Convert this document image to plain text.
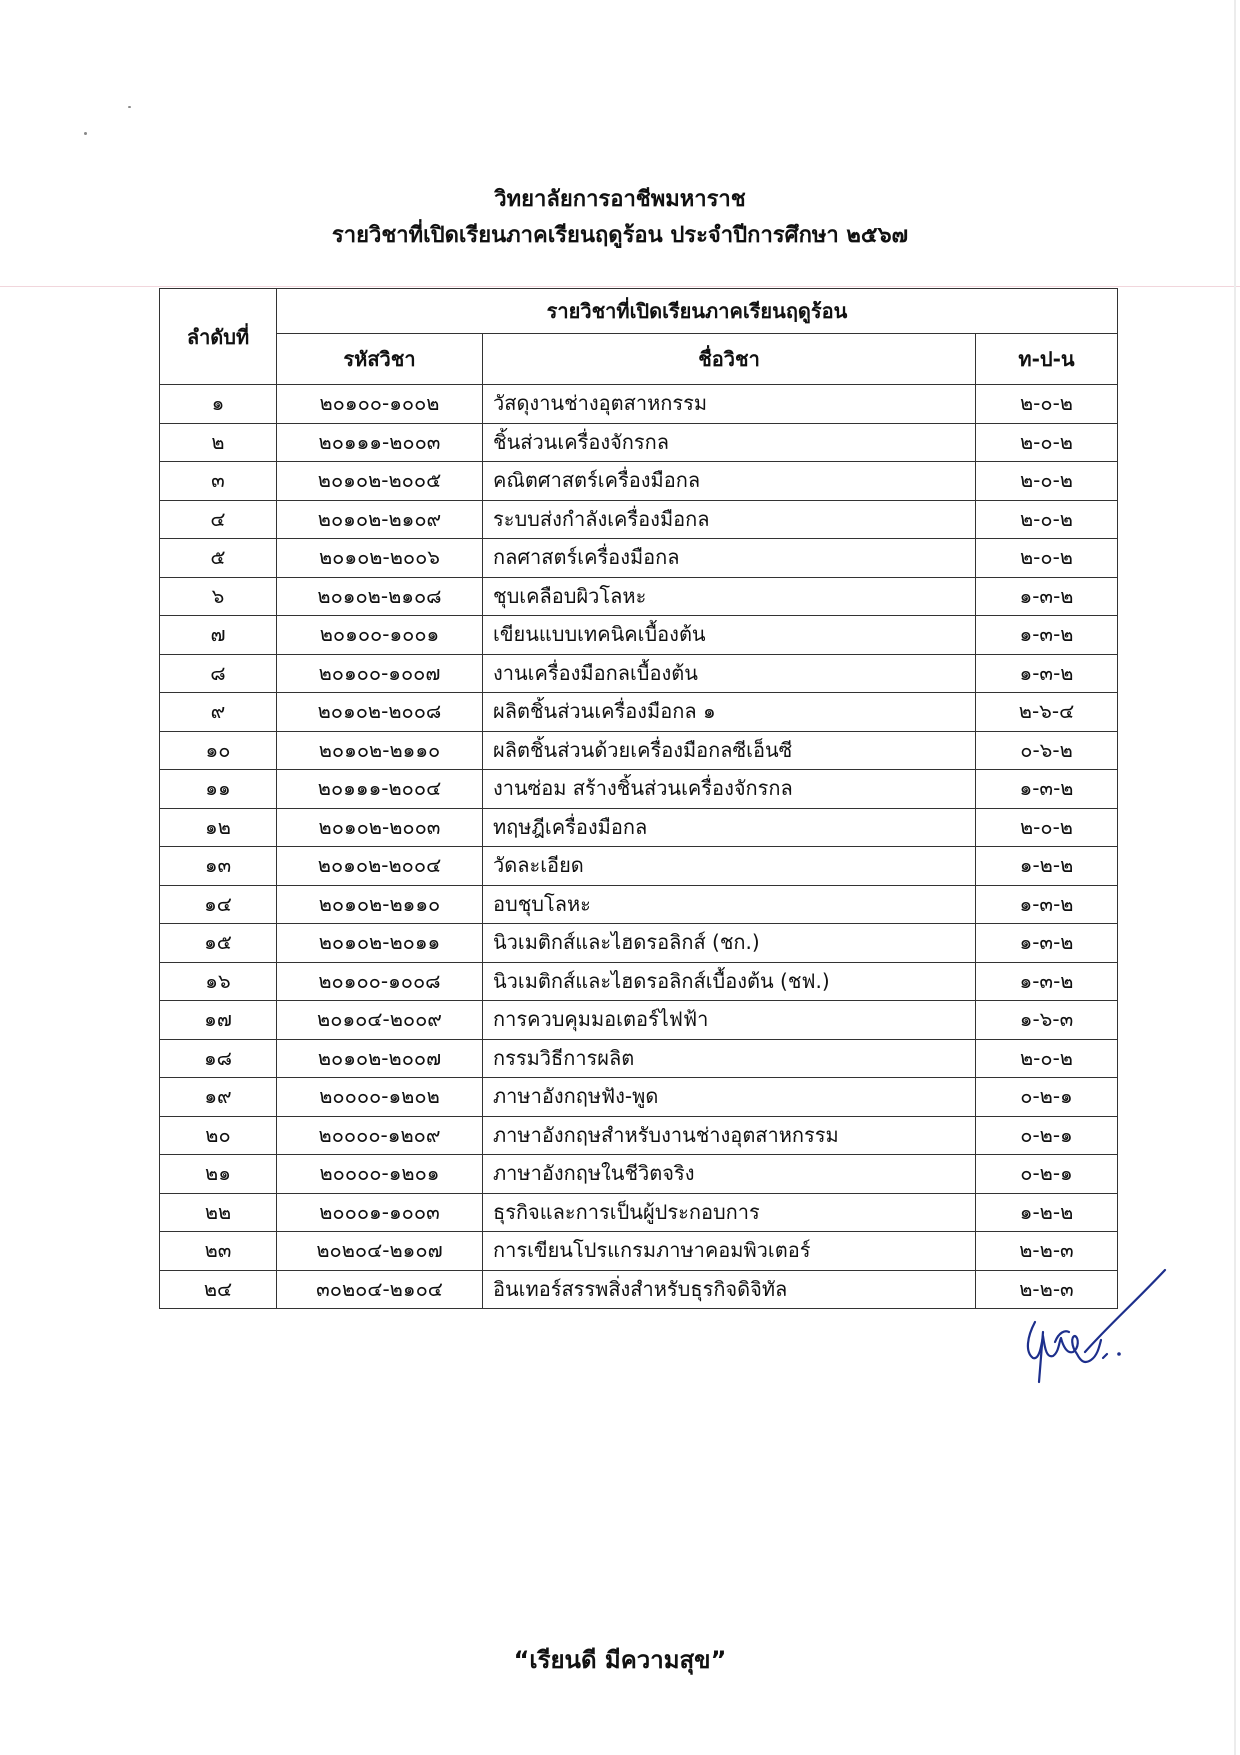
วิทยาลัยการอาชีพมหาราช
รายวิชาที่เปิดเรียนภาคเรียนฤดูร้อน ประจำปีการศึกษา ๒๕๖๗
ลำดับที่	รายวิชาที่เปิดเรียนภาคเรียนฤดูร้อน		
	รหัสวิชา	ชื่อวิชา	ท-ป-น
๑	๒๐๑๐๐-๑๐๐๒	วัสดุงานช่างอุตสาหกรรม	๒-๐-๒
๒	๒๐๑๑๑-๒๐๐๓	ชิ้นส่วนเครื่องจักรกล	๒-๐-๒
๓	๒๐๑๐๒-๒๐๐๕	คณิตศาสตร์เครื่องมือกล	๒-๐-๒
๔	๒๐๑๐๒-๒๑๐๙	ระบบส่งกำลังเครื่องมือกล	๒-๐-๒
๕	๒๐๑๐๒-๒๐๐๖	กลศาสตร์เครื่องมือกล	๒-๐-๒
๖	๒๐๑๐๒-๒๑๐๘	ชุบเคลือบผิวโลหะ	๑-๓-๒
๗	๒๐๑๐๐-๑๐๐๑	เขียนแบบเทคนิคเบื้องต้น	๑-๓-๒
๘	๒๐๑๐๐-๑๐๐๗	งานเครื่องมือกลเบื้องต้น	๑-๓-๒
๙	๒๐๑๐๒-๒๐๐๘	ผลิตชิ้นส่วนเครื่องมือกล ๑	๒-๖-๔
๑๐	๒๐๑๐๒-๒๑๑๐	ผลิตชิ้นส่วนด้วยเครื่องมือกลซีเอ็นซี	๐-๖-๒
๑๑	๒๐๑๑๑-๒๐๐๔	งานซ่อม สร้างชิ้นส่วนเครื่องจักรกล	๑-๓-๒
๑๒	๒๐๑๐๒-๒๐๐๓	ทฤษฎีเครื่องมือกล	๒-๐-๒
๑๓	๒๐๑๐๒-๒๐๐๔	วัดละเอียด	๑-๒-๒
๑๔	๒๐๑๐๒-๒๑๑๐	อบชุบโลหะ	๑-๓-๒
๑๕	๒๐๑๐๒-๒๐๑๑	นิวเมติกส์และไฮดรอลิกส์ (ชก.)	๑-๓-๒
๑๖	๒๐๑๐๐-๑๐๐๘	นิวเมติกส์และไฮดรอลิกส์เบื้องต้น (ชฟ.)	๑-๓-๒
๑๗	๒๐๑๐๔-๒๐๐๙	การควบคุมมอเตอร์ไฟฟ้า	๑-๖-๓
๑๘	๒๐๑๐๒-๒๐๐๗	กรรมวิธีการผลิต	๒-๐-๒
๑๙	๒๐๐๐๐-๑๒๐๒	ภาษาอังกฤษฟัง-พูด	๐-๒-๑
๒๐	๒๐๐๐๐-๑๒๐๙	ภาษาอังกฤษสำหรับงานช่างอุตสาหกรรม	๐-๒-๑
๒๑	๒๐๐๐๐-๑๒๐๑	ภาษาอังกฤษในชีวิตจริง	๐-๒-๑
๒๒	๒๐๐๐๑-๑๐๐๓	ธุรกิจและการเป็นผู้ประกอบการ	๑-๒-๒
๒๓	๒๐๒๐๔-๒๑๐๗	การเขียนโปรแกรมภาษาคอมพิวเตอร์	๒-๒-๓
๒๔	๓๐๒๐๔-๒๑๐๔	อินเทอร์สรรพสิ่งสำหรับธุรกิจดิจิทัล	๒-๒-๓
“เรียนดี มีความสุข”
